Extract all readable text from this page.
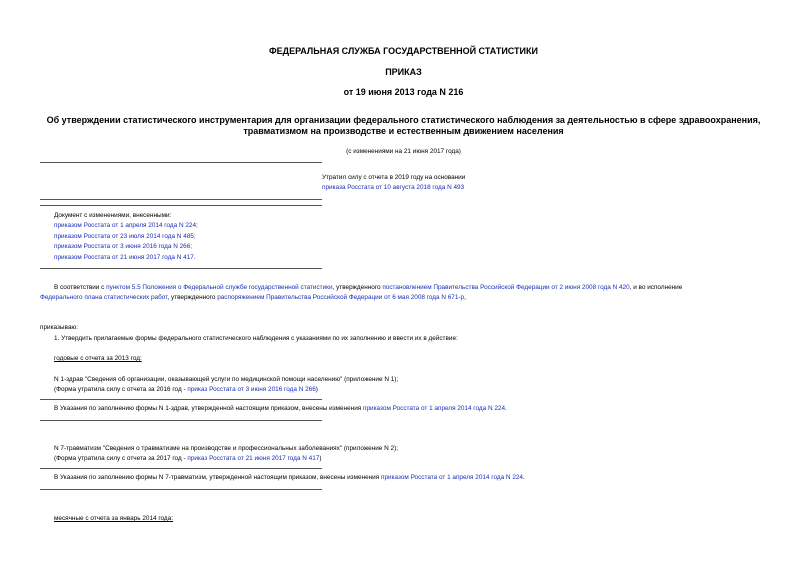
ФЕДЕРАЛЬНАЯ СЛУЖБА ГОСУДАРСТВЕННОЙ СТАТИСТИКИ
ПРИКАЗ
от 19 июня 2013 года N 216
Об утверждении статистического инструментария для организации федерального статистического наблюдения за деятельностью в сфере здравоохранения,
травматизмом на производстве и естественным движением населения
(с изменениями на 21 июня 2017 года)
Утратил силу с отчета в 2019 году на основании
приказа Росстата от 10 августа 2018 года N 493
Документ с изменениями, внесенными:
приказом Росстата от 1 апреля 2014 года N 224;
приказом Росстата от 23 июля 2014 года N 485;
приказом Росстата от 3 июня 2016 года N 266;
приказом Росстата от 21 июня 2017 года N 417.
В соответствии с пунктом 5.5 Положения о Федеральной службе государственной статистики, утвержденного постановлением Правительства Российской Федерации от 2 июня 2008 года N 420, и во исполнение
Федерального плана статистических работ, утвержденного распоряжением Правительства Российской Федерации от 6 мая 2008 года N 671-р,
приказываю:
1. Утвердить прилагаемые формы федерального статистического наблюдения с указаниями по их заполнению и ввести их в действие:
годовые с отчета за 2013 год:
N 1-здрав "Сведения об организации, оказывающей услуги по медицинской помощи населению" (приложение N 1);
(Форма утратила силу с отчета за 2016 год - приказ Росстата от 3 июня 2016 года N 266)
В Указания по заполнению формы N 1-здрав, утвержденной настоящим приказом, внесены изменения приказом Росстата от 1 апреля 2014 года N 224.
N 7-травматизм "Сведения о травматизме на производстве и профессиональных заболеваниях" (приложение N 2);
(Форма утратила силу с отчета за 2017 год - приказ Росстата от 21 июня 2017 года N 417)
В Указания по заполнению формы N 7-травматизм, утвержденной настоящим приказом, внесены изменения приказом Росстата от 1 апреля 2014 года N 224.
месячные с отчета за январь 2014 года:
